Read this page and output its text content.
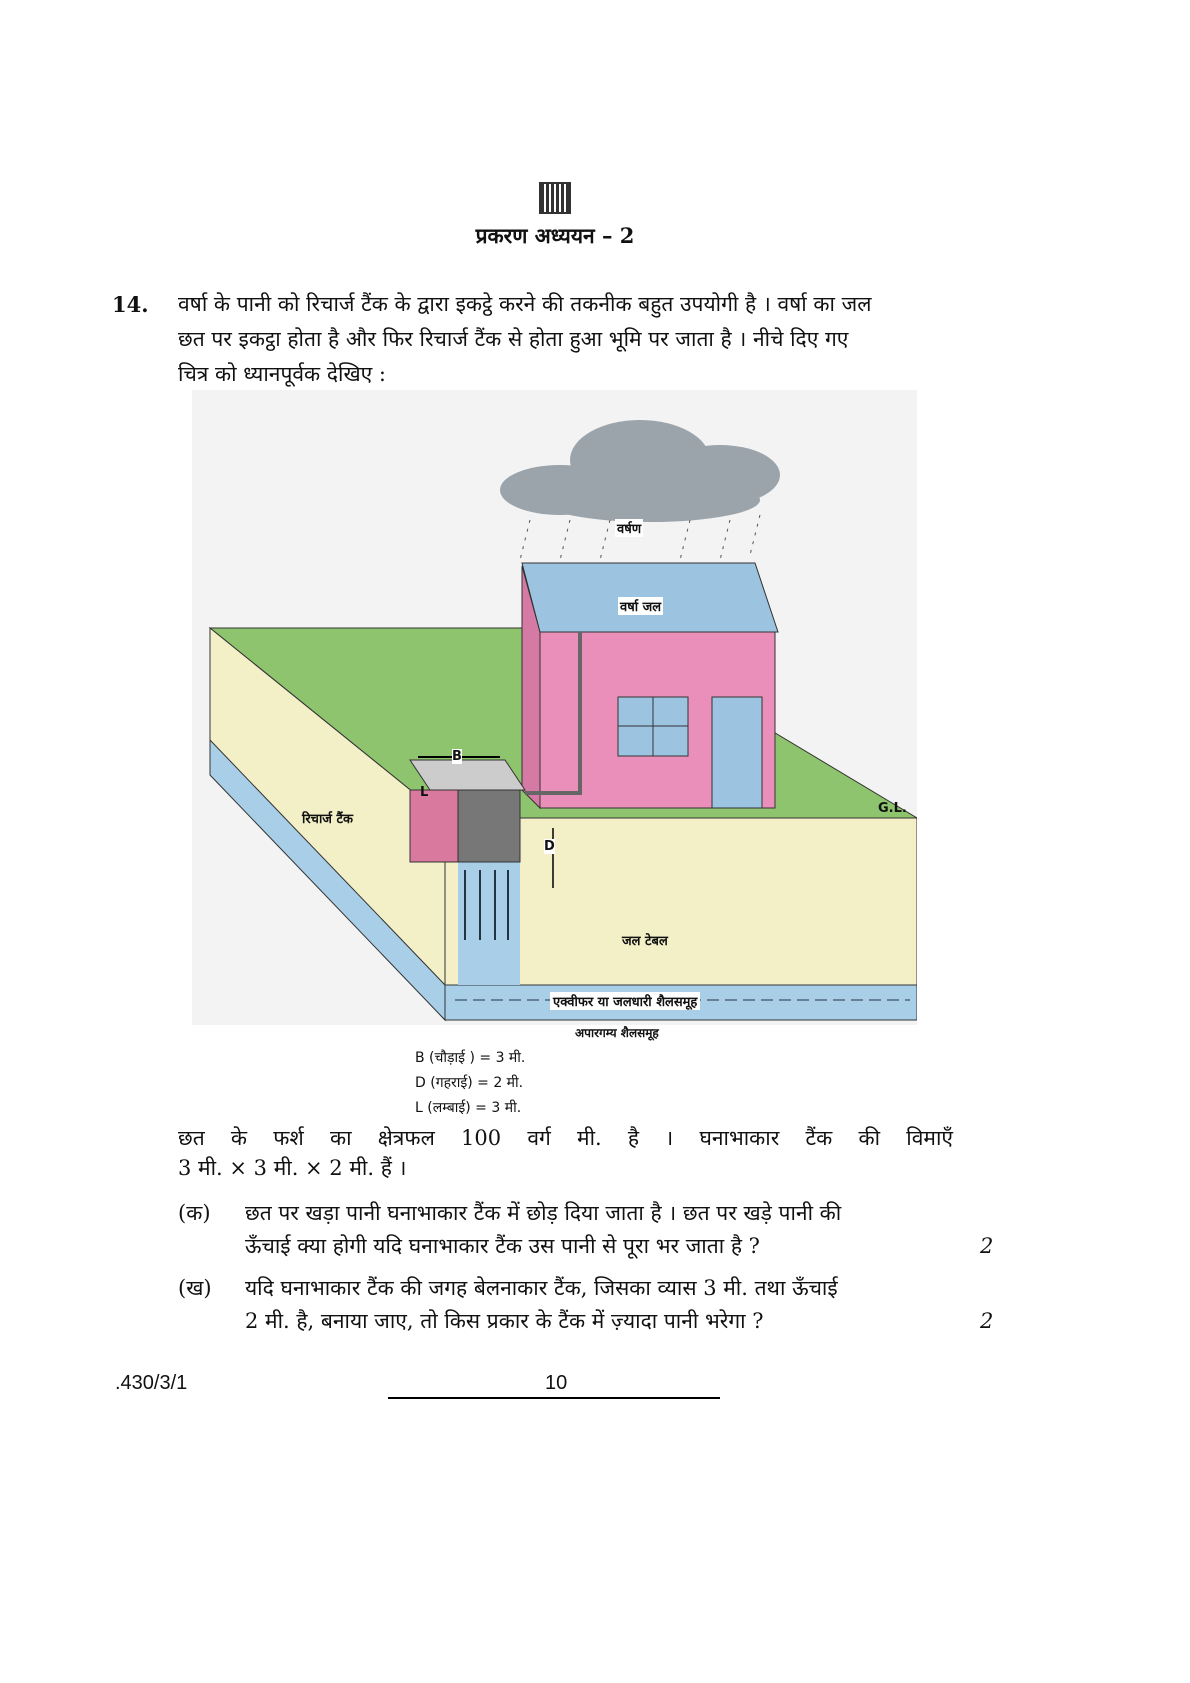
प्रकरण अध्ययन – 2
14. वर्षा के पानी को रिचार्ज टैंक के द्वारा इकट्ठे करने की तकनीक बहुत उपयोगी है । वर्षा का जल
छत पर इकट्ठा होता है और फिर रिचार्ज टैंक से होता हुआ भूमि पर जाता है । नीचे दिए गए
चित्र को ध्यानपूर्वक देखिए :
वर्षण
वर्षा जल
B
L
रिचार्ज टैंक
D
G.L.
जल टेबल
एक्वीफर या जलधारी शैलसमूह
अपारगम्य शैलसमूह
B (चौड़ाई ) = 3 मी.
D (गहराई) = 2 मी.
L (लम्बाई) = 3 मी.
छत के फर्श का क्षेत्रफल 100 वर्ग मी. है । घनाभाकार टैंक की विमाएँ
3 मी. × 3 मी. × 2 मी. हैं ।
(क) छत पर खड़ा पानी घनाभाकार टैंक में छोड़ दिया जाता है । छत पर खड़े पानी की
ऊँचाई क्या होगी यदि घनाभाकार टैंक उस पानी से पूरा भर जाता है ?	2
(ख) यदि घनाभाकार टैंक की जगह बेलनाकार टैंक, जिसका व्यास 3 मी. तथा ऊँचाई
2 मी. है, बनाया जाए, तो किस प्रकार के टैंक में ज़्यादा पानी भरेगा ?	2
.430/3/1	10
